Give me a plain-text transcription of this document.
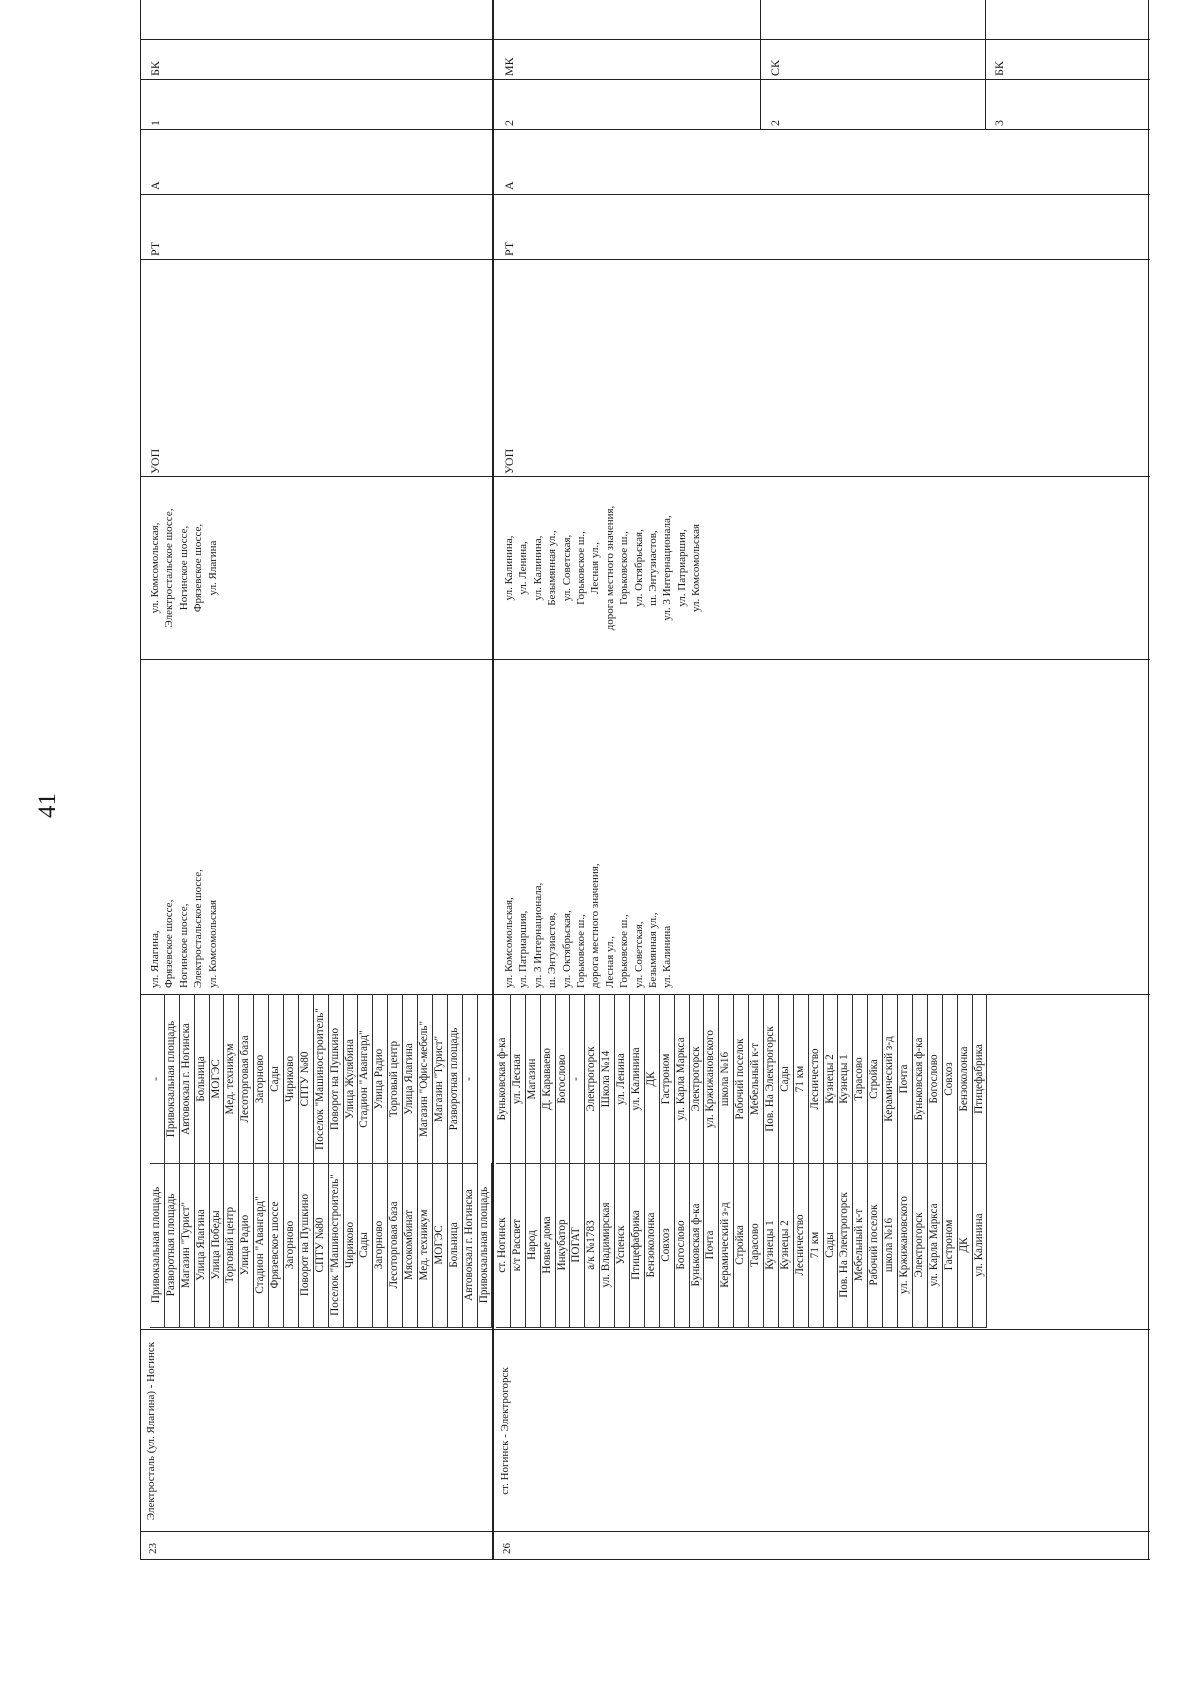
41
23
Электросталь (ул. Ялагина) - Ногинск
Привокзальная площадь Разворотная площадь Магазин "Турист" Улица Ялагина Улица Победы Торговый центр Улица Радио Стадион "Авангард" Фрязевское шоссе Загорново Поворот на Пушкино СПТУ №80 Поселок "Машиностроитель" Чириково Сады Загорново Лесоторговая база Мясокомбинат Мед. техникум МОГЭС Больница Автовокзал г. Ногинска Привокзальная площадь
- Привокзальная площадь Автовокзал г. Ногинска Больница МОГЭС Мед. техникум Лесоторговая база Загорново Сады Чириково СПТУ №80 Поселок "Машиностроитель" Поворот на Пушкино Улица Жулябина Стадион "Авангард" Улица Радио Торговый центр Улица Ялагина Магазин "Офис-мебель" Магазин "Турист" Разворотная площадь -
ул. Ялагина,
Фрязевское шоссе,
Ногинское шоссе,
Электростальское шоссе,
ул. Комсомольская
ул. Комсомольская,
Электростальское шоссе,
Ногинское шоссе,
Фрязевское шоссе,
ул. Ялагина
УОП
РТ
А
1
БК
26
ст. Ногинск - Электрогорск
ст. Ногинск к/т Рассвет Народ Новые дома Инкубатор ПОГАТ а/к №1783 ул. Владимирская Успенск Птицефабрика Бензоколонка Совхоз Богослово Буньковская ф-ка Почта Керамический з-д Стройка Тарасово Кузнецы 1 Кузнецы 2 Лесничество 71 км Сады Пов. На Электрогорск Мебельный к-т Рабочий поселок школа №16 ул. Кржижановского Электрогорск ул. Карла Маркса Гастроном ДК ул. Калинина
Буньковская ф-ка ул. Лесная Магазин Д. Караваево Богослово - Электрогорск Школа №14 ул. Ленина ул. Калинина ДК Гастроном ул. Карла Маркса Электрогорск ул. Кржижановского школа №16 Рабочий поселок Мебельный к-т Пов. На Электрогорск Сады 71 км Лесничество Кузнецы 2 Кузнецы 1 Тарасово Стройка Керамический з-д Почта Буньковская ф-ка Богослово Совхоз Бензоколонка Птицефабрика
ул. Комсомольская,
ул. Патриаршия,
ул. 3 Интернационала,
ш. Энтузиастов,
ул. Октябрьская,
Горьковское ш.,
дорога местного значения,
Лесная ул.,
Горьковское ш.,
ул. Советская,
Безымянная ул.,
ул. Калинина
ул. Калинина,
ул. Ленина,
ул. Калинина,
Безымянная ул.,
ул. Советская,
Горьковское ш.,
Лесная ул.,
дорога местного значения,
Горьковское ш.,
ул. Октябрьская,
ш. Энтузиастов,
ул. 3 Интернационала,
ул. Патриаршия,
ул. Комсомольская
УОП
РТ
А
2
МК
2
СК
3
БК
